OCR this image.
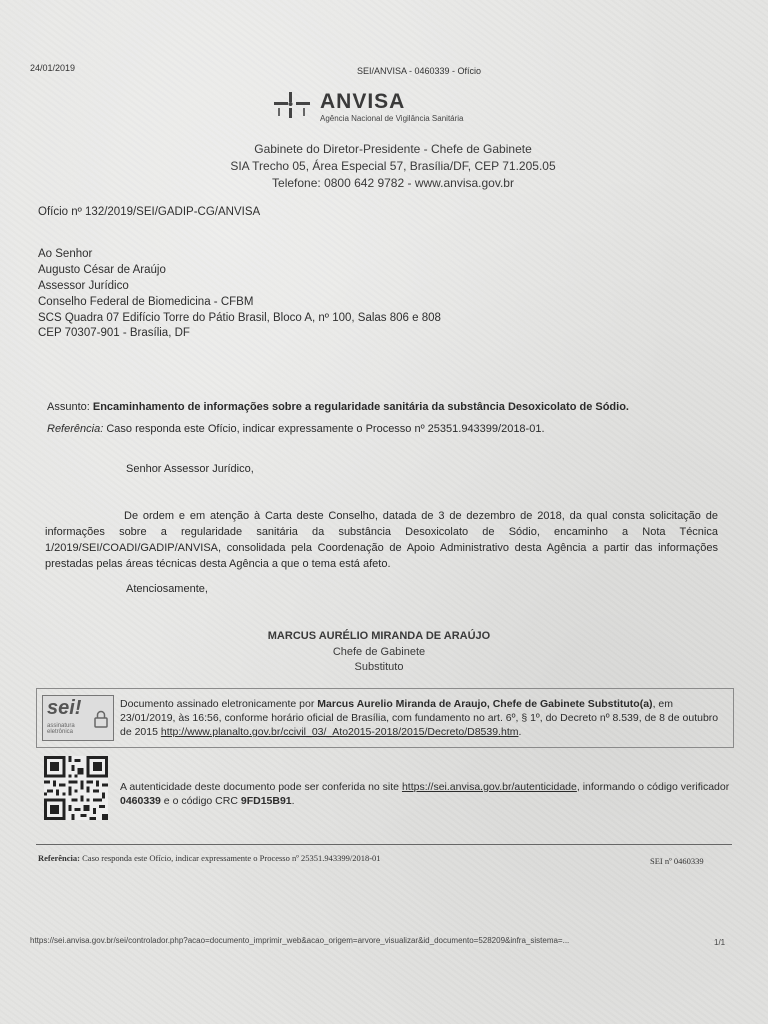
24/01/2019	SEI/ANVISA - 0460339 - Ofício
ANVISA
Agência Nacional de Vigilância Sanitária
Gabinete do Diretor-Presidente - Chefe de Gabinete
SIA Trecho 05, Área Especial 57, Brasília/DF, CEP 71.205.05
Telefone: 0800 642 9782 - www.anvisa.gov.br
Ofício nº 132/2019/SEI/GADIP-CG/ANVISA
Ao Senhor
Augusto César de Araújo
Assessor Jurídico
Conselho Federal de Biomedicina - CFBM
SCS Quadra 07 Edifício Torre do Pátio Brasil, Bloco A, nº 100, Salas 806 e 808
CEP 70307-901 - Brasília, DF
Assunto: Encaminhamento de informações sobre a regularidade sanitária da substância Desoxicolato de Sódio.
Referência: Caso responda este Ofício, indicar expressamente o Processo nº 25351.943399/2018-01.
Senhor Assessor Jurídico,
De ordem e em atenção à Carta deste Conselho, datada de 3 de dezembro de 2018, da qual consta solicitação de informações sobre a regularidade sanitária da substância Desoxicolato de Sódio, encaminho a Nota Técnica 1/2019/SEI/COADI/GADIP/ANVISA, consolidada pela Coordenação de Apoio Administrativo desta Agência a partir das informações prestadas pelas áreas técnicas desta Agência a que o tema está afeto.
Atenciosamente,
MARCUS AURÉLIO MIRANDA DE ARAÚJO
Chefe de Gabinete
Substituto
sei!
assinatura
eletrônica
Documento assinado eletronicamente por Marcus Aurelio Miranda de Araujo, Chefe de Gabinete Substituto(a), em 23/01/2019, às 16:56, conforme horário oficial de Brasília, com fundamento no art. 6º, § 1º, do Decreto nº 8.539, de 8 de outubro de 2015 http://www.planalto.gov.br/ccivil_03/_Ato2015-2018/2015/Decreto/D8539.htm.
A autenticidade deste documento pode ser conferida no site https://sei.anvisa.gov.br/autenticidade, informando o código verificador 0460339 e o código CRC 9FD15B91.
Referência: Caso responda este Ofício, indicar expressamente o Processo nº 25351.943399/2018-01	SEI nº 0460339
https://sei.anvisa.gov.br/sei/controlador.php?acao=documento_imprimir_web&acao_origem=arvore_visualizar&id_documento=528209&infra_sistema=...	1/1
